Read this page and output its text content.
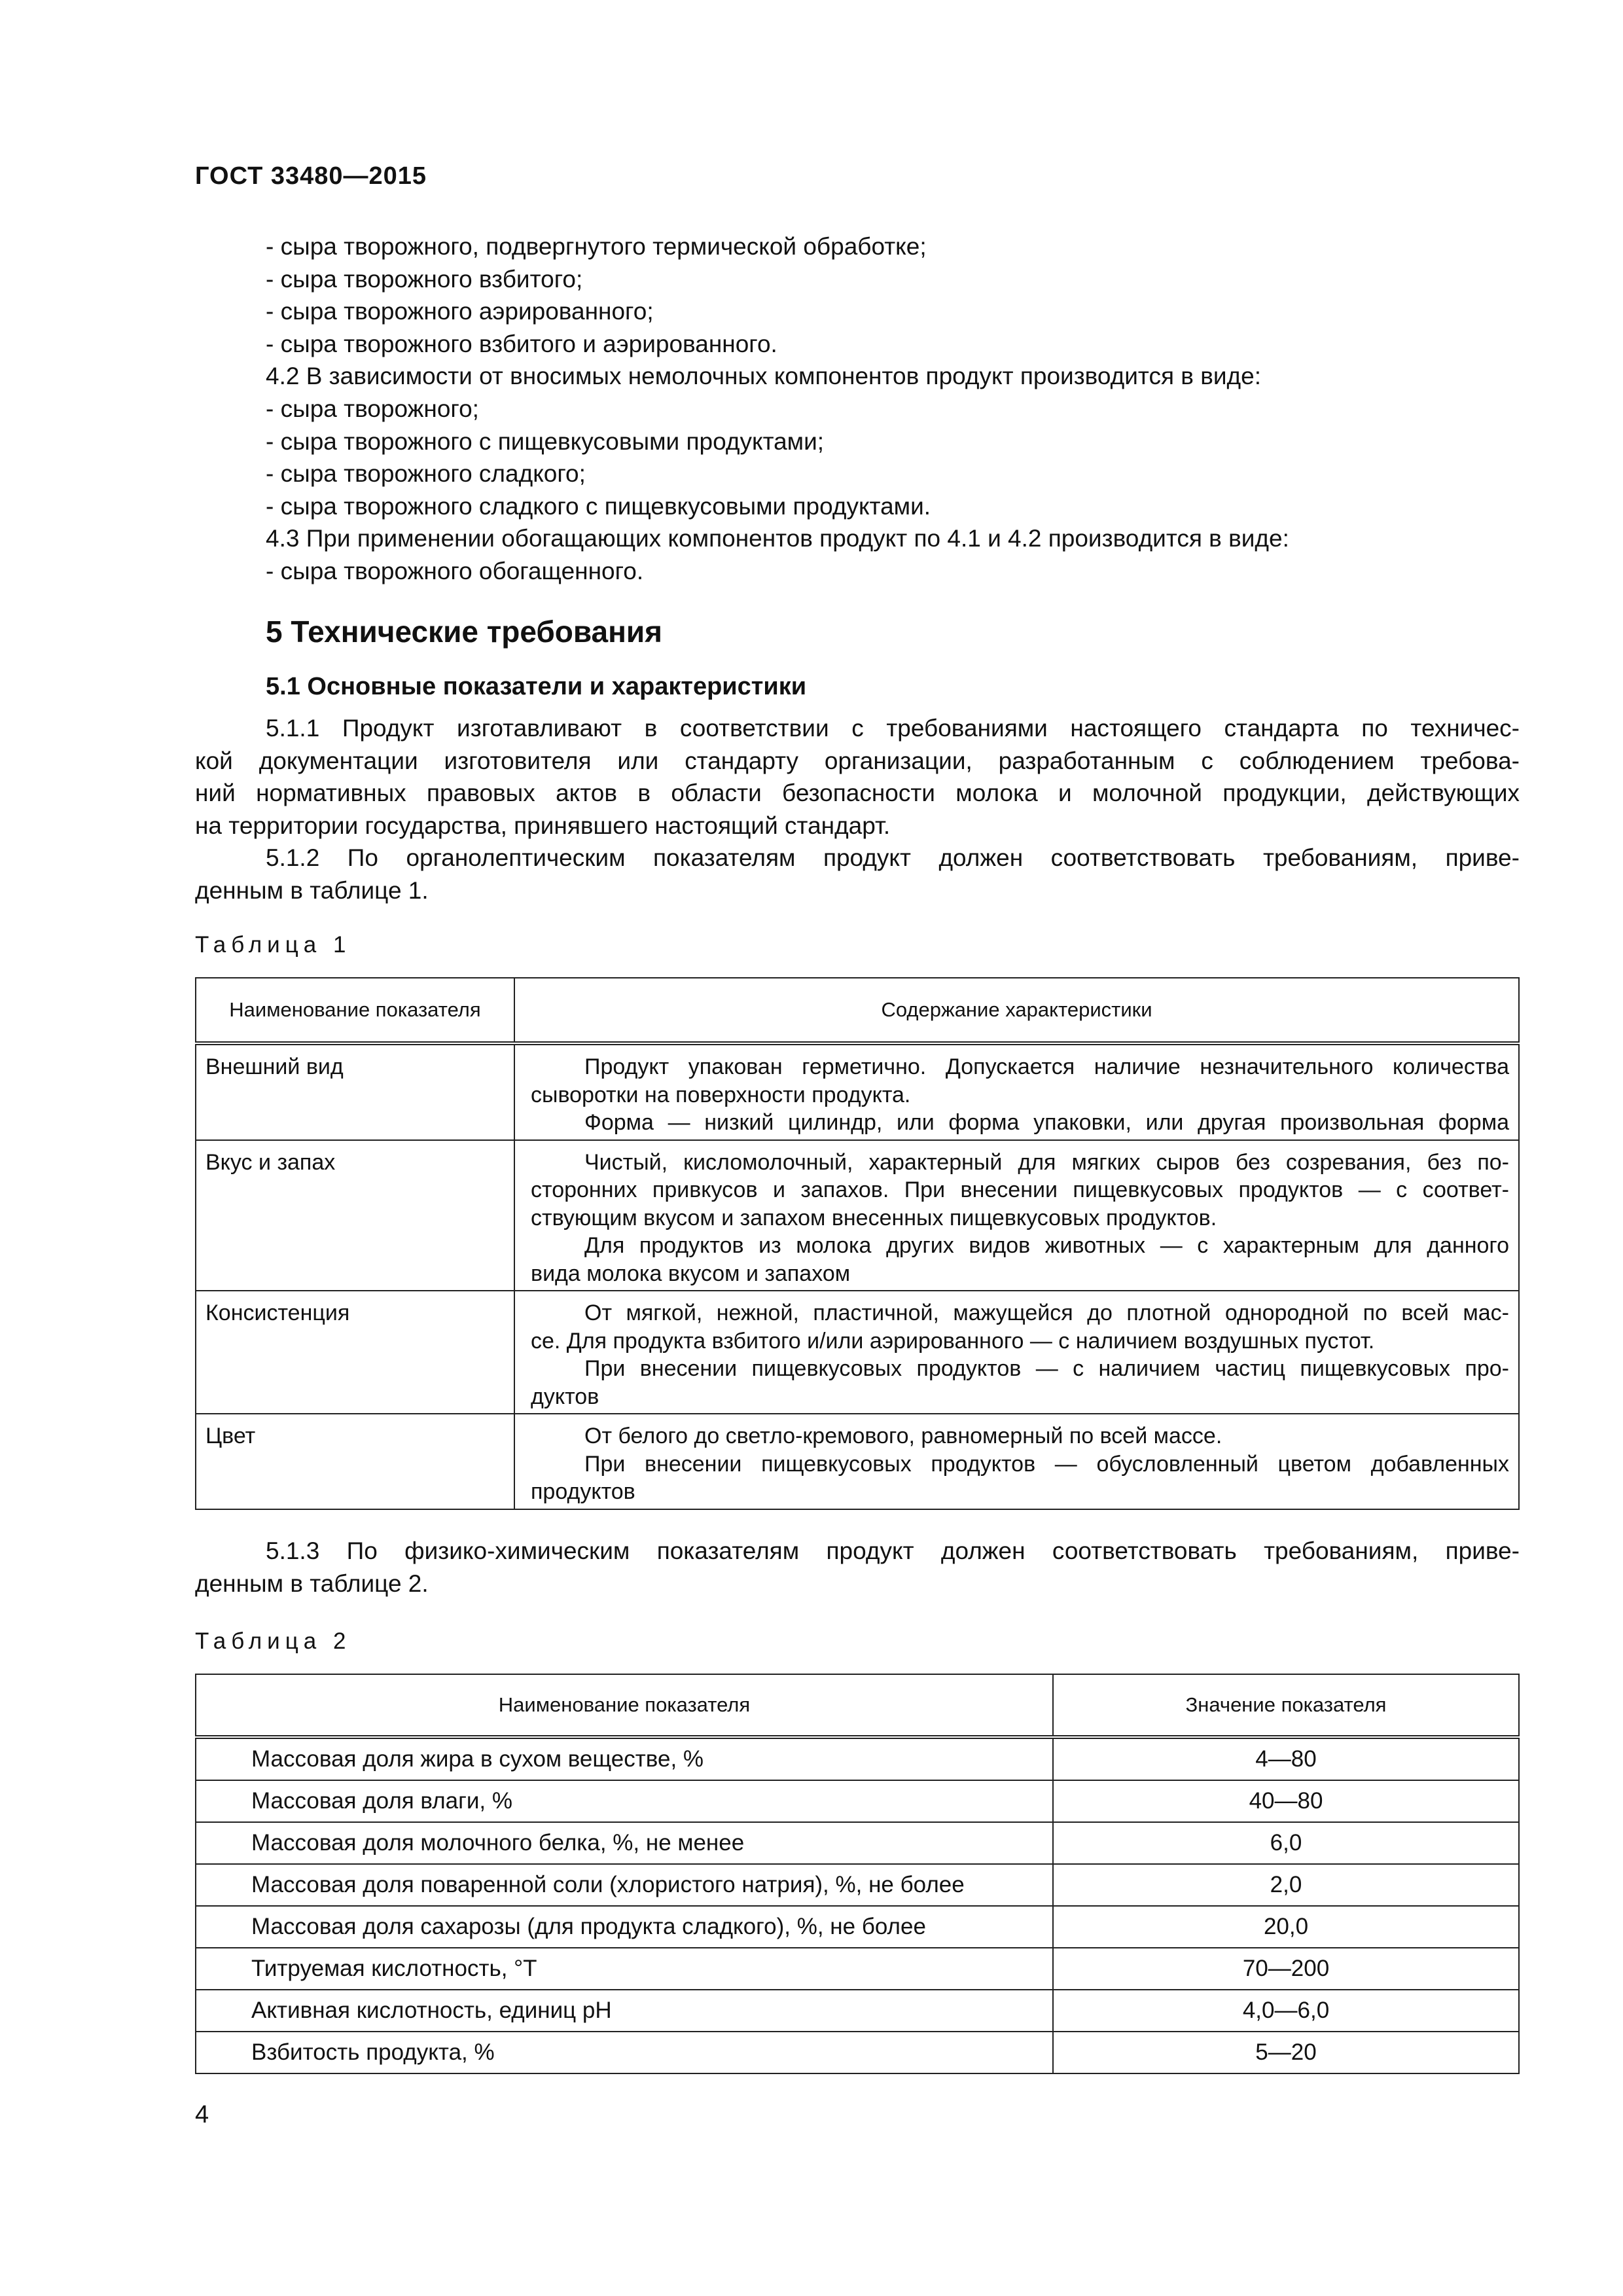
ГОСТ 33480—2015
- сыра творожного, подвергнутого термической обработке;
- сыра творожного взбитого;
- сыра творожного аэрированного;
- сыра творожного взбитого и аэрированного.
4.2 В зависимости от вносимых немолочных компонентов продукт производится в виде:
- сыра творожного;
- сыра творожного с пищевкусовыми продуктами;
- сыра творожного сладкого;
- сыра творожного сладкого с пищевкусовыми продуктами.
4.3 При применении обогащающих компонентов продукт по 4.1 и 4.2 производится в виде:
- сыра творожного обогащенного.
5 Технические требования
5.1 Основные показатели и характеристики
5.1.1 Продукт изготавливают в соответствии с требованиями настоящего стандарта по техничес-
кой документации изготовителя или стандарту организации, разработанным с соблюдением требова-
ний нормативных правовых актов в области безопасности молока и молочной продукции, действующих
на территории государства, принявшего настоящий стандарт.
5.1.2 По органолептическим показателям продукт должен соответствовать требованиям, приве-
денным в таблице 1.
Таблица 1
Наименование показателя	Содержание характеристики
Внешний вид	Продукт упакован герметично. Допускается наличие незначительного количества
сыворотки на поверхности продукта.
Форма — низкий цилиндр, или форма упаковки, или другая произвольная форма

Вкус и запах	Чистый, кисломолочный, характерный для мягких сыров без созревания, без по-
сторонних привкусов и запахов. При внесении пищевкусовых продуктов — с соответ-
ствующим вкусом и запахом внесенных пищевкусовых продуктов.
Для продуктов из молока других видов животных — с характерным для данного
вида молока вкусом и запахом

Консистенция	От мягкой, нежной, пластичной, мажущейся до плотной однородной по всей мас-
се. Для продукта взбитого и/или аэрированного — с наличием воздушных пустот.
При внесении пищевкусовых продуктов — с наличием частиц пищевкусовых про-
дуктов

Цвет	От белого до светло-кремового, равномерный по всей массе.
При внесении пищевкусовых продуктов — обусловленный цветом добавленных
продуктов
5.1.3 По физико-химическим показателям продукт должен соответствовать требованиям, приве-
денным в таблице 2.
Таблица 2
Наименование показателя	Значение показателя
Массовая доля жира в сухом веществе, %	4—80
Массовая доля влаги, %	40—80
Массовая доля молочного белка, %, не менее	6,0
Массовая доля поваренной соли (хлористого натрия), %, не более	2,0
Массовая доля сахарозы (для продукта сладкого), %, не более	20,0
Титруемая кислотность, °T	70—200
Активная кислотность, единиц pH	4,0—6,0
Взбитость продукта, %	5—20
4
